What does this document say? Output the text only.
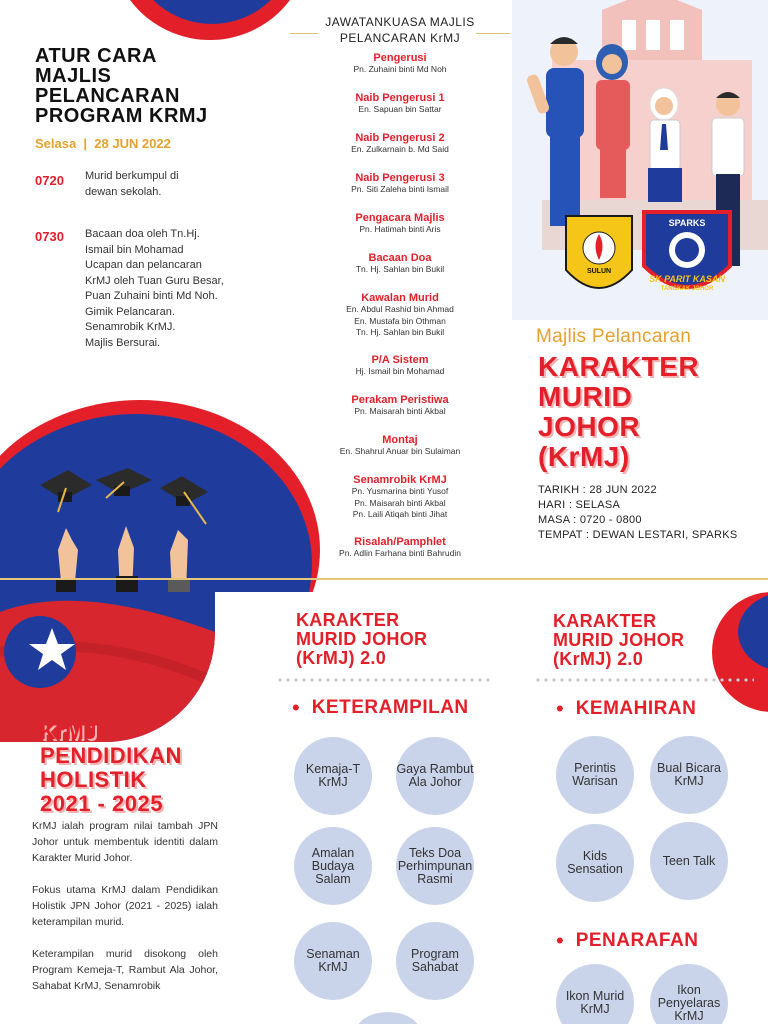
ATUR CARA
MAJLIS
PELANCARAN
PROGRAM KRMJ
Selasa  |  28 JUN 2022
0720 Murid berkumpul di
dewan sekolah.
0730 Bacaan doa oleh Tn.Hj.
Ismail bin Mohamad
Ucapan dan pelancaran
KrMJ oleh Tuan Guru Besar,
Puan Zuhaini binti Md Noh.
Gimik Pelancaran.
Senamrobik KrMJ.
Majlis Bersurai.
JAWATANKUASA MAJLIS
PELANCARAN KrMJ
Pengerusi
Pn. Zuhaini binti Md Noh
Naib Pengerusi 1
En. Sapuan bin Sattar
Naib Pengerusi 2
En. Zulkarnain b. Md Said
Naib Pengerusi 3
Pn. Siti Zaleha binti Ismail
Pengacara Majlis
Pn. Hatimah binti Aris
Bacaan Doa
Tn. Hj. Sahlan bin Bukil
Kawalan Murid
En. Abdul Rashid bin Ahmad
En. Mustafa bin Othman
Tn. Hj. Sahlan bin Bukil
P/A Sistem
Hj. Ismail bin Mohamad
Perakam Peristiwa
Pn. Maisarah binti Akbal
Montaj
En. Shahrul Anuar bin Sulaiman
Senamrobik KrMJ
Pn. Yusmarina binti Yusof
Pn. Maisarah binti Akbal
Pn. Laili Atiqah binti Jihat
Risalah/Pamphlet
Pn. Adlin Farhana binti Bahrudin
SULUN
SPARKS
SK PARIT KASAN
TANGKAK JOHOR
Majlis Pelancaran
KARAKTER
MURID
JOHOR
(KrMJ)
TARIKH : 28 JUN 2022
HARI : SELASA
MASA : 0720 - 0800
TEMPAT : DEWAN LESTARI, SPARKS
KrMJ
PENDIDIKAN
HOLISTIK
2021 - 2025

KrMJ ialah program nilai tambah JPN Johor untuk membentuk identiti dalam Karakter Murid Johor.

Fokus utama KrMJ dalam Pendidikan Holistik JPN Johor (2021 - 2025) ialah keterampilan murid.

Keterampilan murid disokong oleh Program Kemeja-T, Rambut Ala Johor, Sahabat KrMJ, Senamrobik

KARAKTER
MURID JOHOR
(KrMJ) 2.0
• KETERAMPILAN
Kemaja-T KrMJ
Gaya Rambut Ala Johor
Amalan Budaya Salam
Teks Doa Perhimpunan Rasmi
Senaman KrMJ
Program Sahabat
KARAKTER
MURID JOHOR
(KrMJ) 2.0
• KEMAHIRAN
Perintis Warisan
Bual Bicara KrMJ
Kids Sensation
Teen Talk
• PENARAFAN
Ikon Murid KrMJ
Ikon Penyelaras KrMJ
